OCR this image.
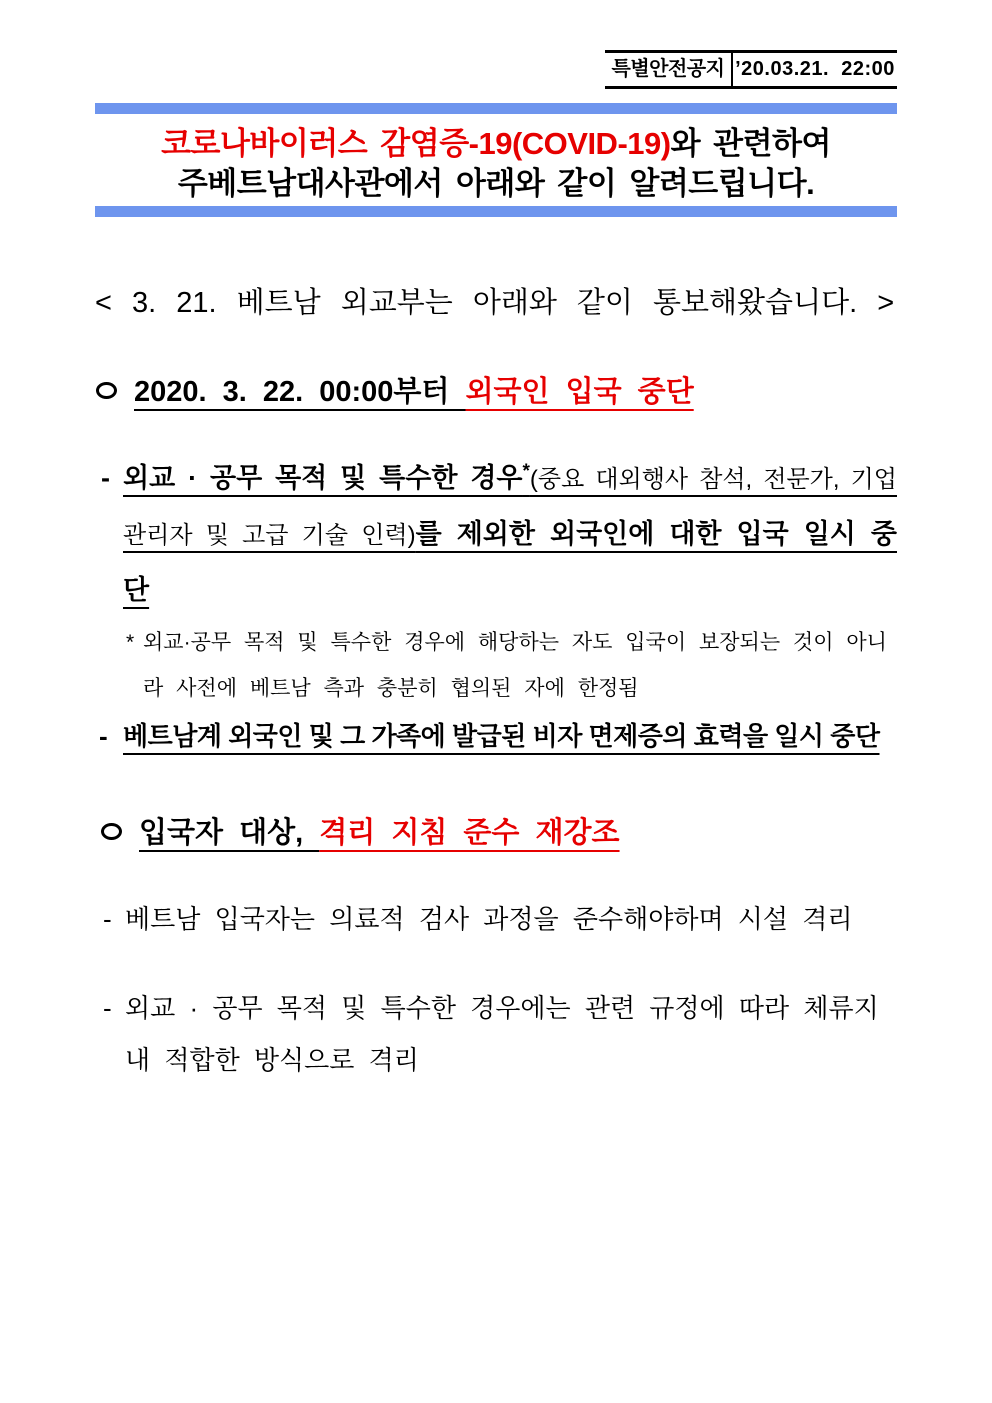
특별안전공지 ’20.03.21.  22:00
코로나바이러스 감염증-19(COVID-19)와 관련하여
주베트남대사관에서 아래와 같이 알려드립니다.
< 3. 21. 베트남 외교부는 아래와 같이 통보해왔습니다. >
2020. 3. 22. 00:00부터 외국인 입국 중단
- 외교 · 공무 목적 및 특수한 경우*(중요 대외행사 참석, 전문가, 기업 관리자 및 고급 기술 인력)를 제외한 외국인에 대한 입국 일시 중단
* 외교·공무 목적 및 특수한 경우에 해당하는 자도 입국이 보장되는 것이 아니라 사전에 베트남 측과 충분히 협의된 자에 한정됨
- 베트남계 외국인 및 그 가족에 발급된 비자 면제증의 효력을 일시 중단
입국자 대상, 격리 지침 준수 재강조
- 베트남 입국자는 의료적 검사 과정을 준수해야하며 시설 격리
- 외교 · 공무 목적 및 특수한 경우에는 관련 규정에 따라 체류지 내 적합한 방식으로 격리
